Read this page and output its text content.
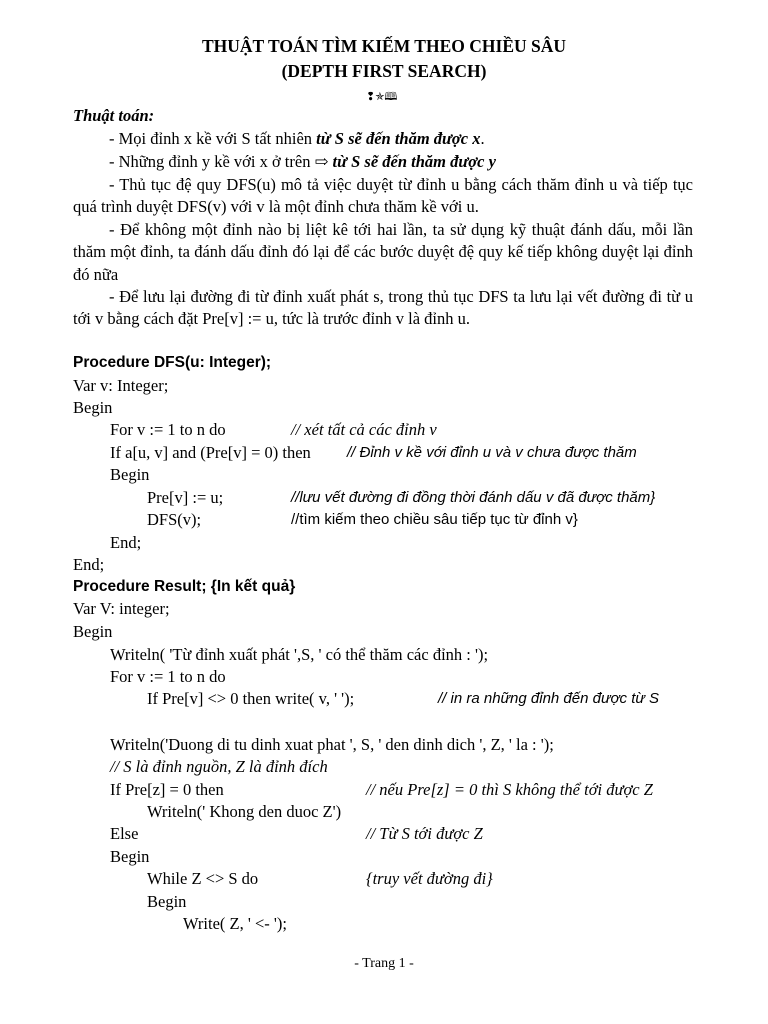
THUẬT TOÁN TÌM KIẾM THEO CHIỀU SÂU
(DEPTH FIRST SEARCH)
❢✯🕮
Thuật toán:
- Mọi đỉnh x kề với S tất nhiên từ S sẽ đến thăm được x.
- Những đỉnh y kề với x ở trên ⇨ từ S sẽ đến thăm được y
- Thủ tục đệ quy DFS(u) mô tả việc duyệt từ đỉnh u bằng cách thăm đỉnh u và tiếp tục quá trình duyệt DFS(v) với v là một đỉnh chưa thăm kề với u.
- Để không một đỉnh nào bị liệt kê tới hai lần, ta sử dụng kỹ thuật đánh dấu, mỗi lần thăm một đỉnh, ta đánh dấu đỉnh đó lại để các bước duyệt đệ quy kế tiếp không duyệt lại đỉnh đó nữa
- Để lưu lại đường đi từ đỉnh xuất phát s, trong thủ tục DFS ta lưu lại vết đường đi từ u tới v bằng cách đặt Pre[v] := u, tức là trước đỉnh v là đỉnh u.
Procedure DFS(u: Integer);
Var v: Integer;
Begin
For v := 1 to n do	// xét tất cả các đỉnh v
If a[u, v] and (Pre[v] = 0) then // Đỉnh v kề với đỉnh u và v chưa được thăm
Begin
Pre[v] := u;	//lưu vết đường đi đồng thời đánh dấu v đã được thăm}
DFS(v);	//tìm kiếm theo chiều sâu tiếp tục từ đỉnh v}
End;
End;
Procedure Result; {In kết quả}
Var V: integer;
Begin
Writeln( 'Từ đỉnh xuất phát ',S, ' có thể thăm các đỉnh : ');
For v := 1 to n do
If Pre[v] <> 0 then write( v, ' ');	// in ra những đỉnh đến được từ S
Writeln('Duong di tu dinh xuat phat ', S, ' den dinh dich ', Z, ' la : ');
// S là đỉnh nguồn, Z là đỉnh đích
If Pre[z] = 0 then	// nếu Pre[z] = 0 thì S không thể tới được Z
Writeln(' Khong den duoc Z')
Else	// Từ S tới được Z
Begin
While Z <> S do	{truy vết đường đi}
Begin
Write( Z, ' <- ');
- Trang 1 -
